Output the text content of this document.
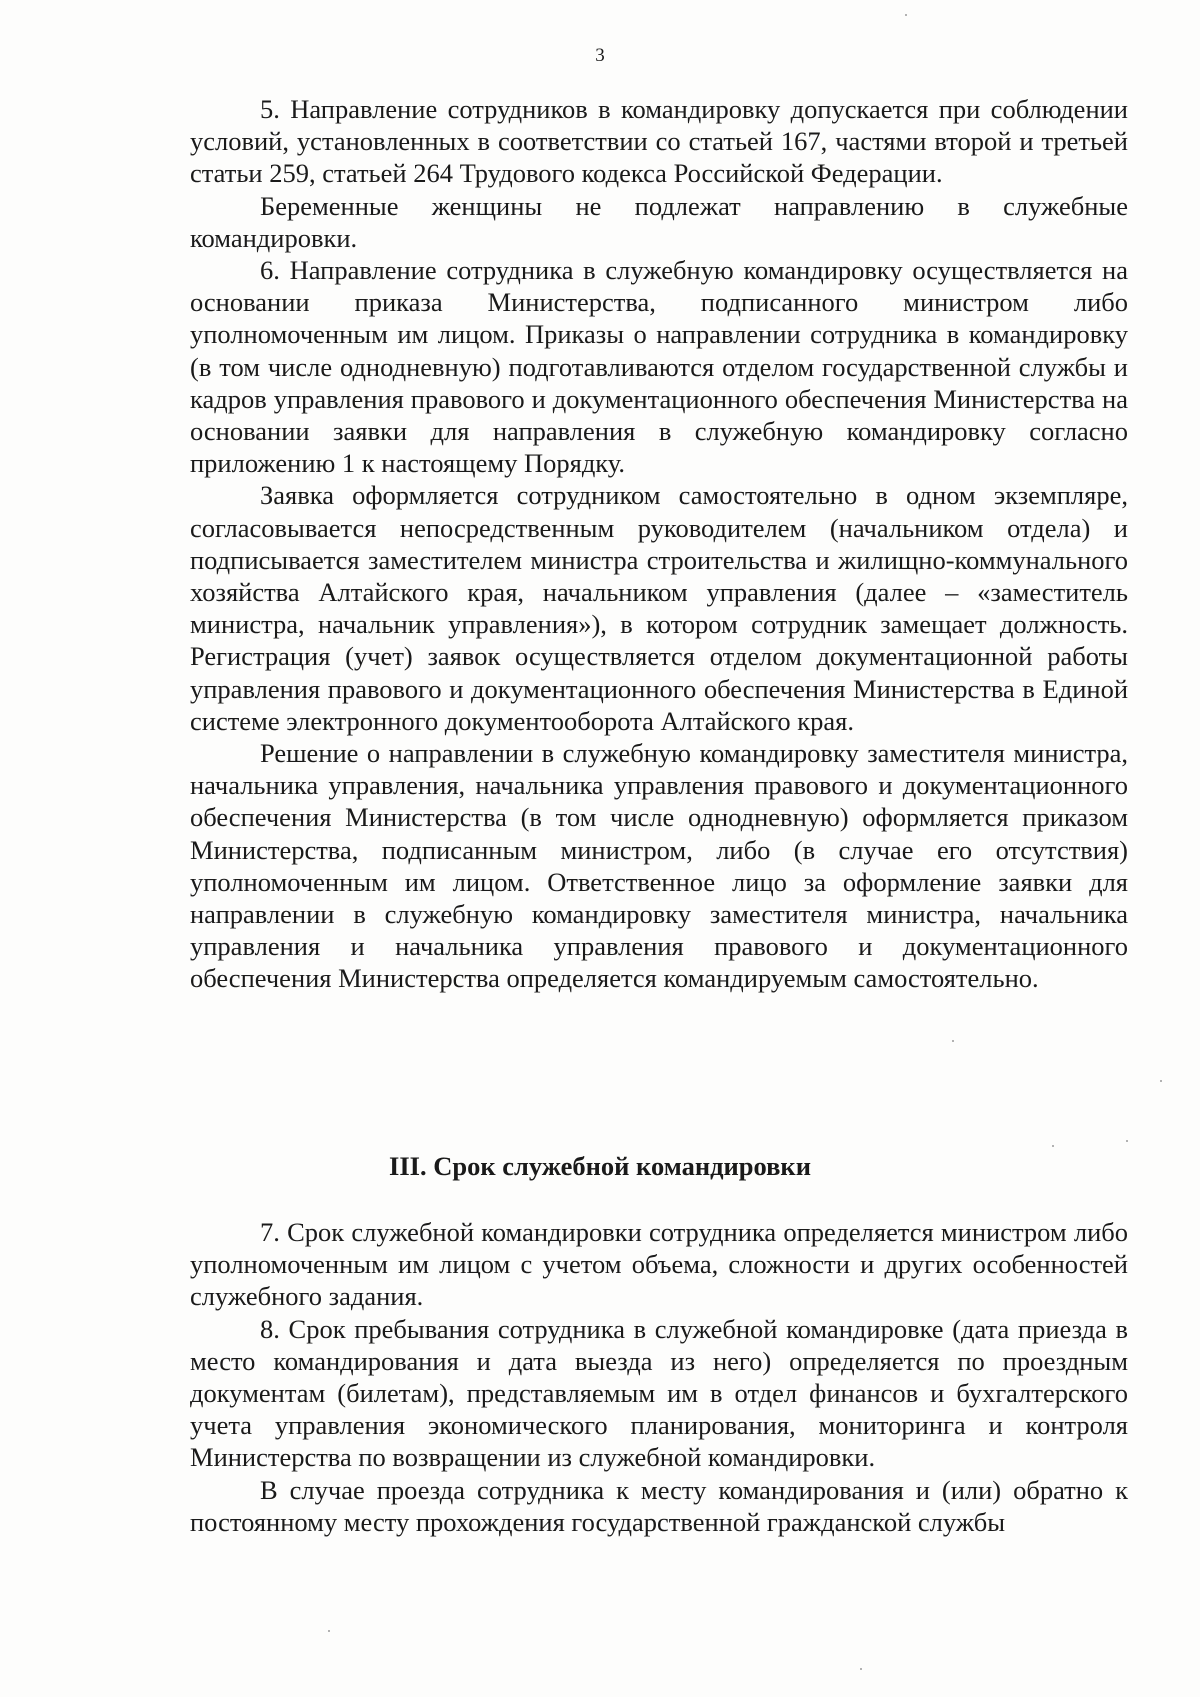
3

5. Направление сотрудников в командировку допускается при соблюдении условий, установленных в соответствии со статьей 167, частями второй и третьей статьи 259, статьей 264 Трудового кодекса Российской Федерации.

Беременные женщины не подлежат направлению в служебные командировки.

6. Направление сотрудника в служебную командировку осуществляется на основании приказа Министерства, подписанного министром либо уполномоченным им лицом. Приказы о направлении сотрудника в командировку (в том числе однодневную) подготавливаются отделом государственной службы и кадров управления правового и документационного обеспечения Министерства на основании заявки для направления в служебную командировку согласно приложению 1 к настоящему Порядку.

Заявка оформляется сотрудником самостоятельно в одном экземпляре, согласовывается непосредственным руководителем (начальником отдела) и подписывается заместителем министра строительства и жилищно-коммунального хозяйства Алтайского края, начальником управления (далее – «заместитель министра, начальник управления»), в котором сотрудник замещает должность. Регистрация (учет) заявок осуществляется отделом документационной работы управления правового и документационного обеспечения Министерства в Единой системе электронного документооборота Алтайского края.

Решение о направлении в служебную командировку заместителя министра, начальника управления, начальника управления правового и документационного обеспечения Министерства (в том числе однодневную) оформляется приказом Министерства, подписанным министром, либо (в случае его отсутствия) уполномоченным им лицом. Ответственное лицо за оформление заявки для направлении в служебную командировку заместителя министра, начальника управления и начальника управления правового и документационного обеспечения Министерства определяется командируемым самостоятельно.

III. Срок служебной командировки

7. Срок служебной командировки сотрудника определяется министром либо уполномоченным им лицом с учетом объема, сложности и других особенностей служебного задания.

8. Срок пребывания сотрудника в служебной командировке (дата приезда в место командирования и дата выезда из него) определяется по проездным документам (билетам), представляемым им в отдел финансов и бухгалтерского учета управления экономического планирования, мониторинга и контроля Министерства по возвращении из служебной командировки.

В случае проезда сотрудника к месту командирования и (или) обратно к постоянному месту прохождения государственной гражданской службы
